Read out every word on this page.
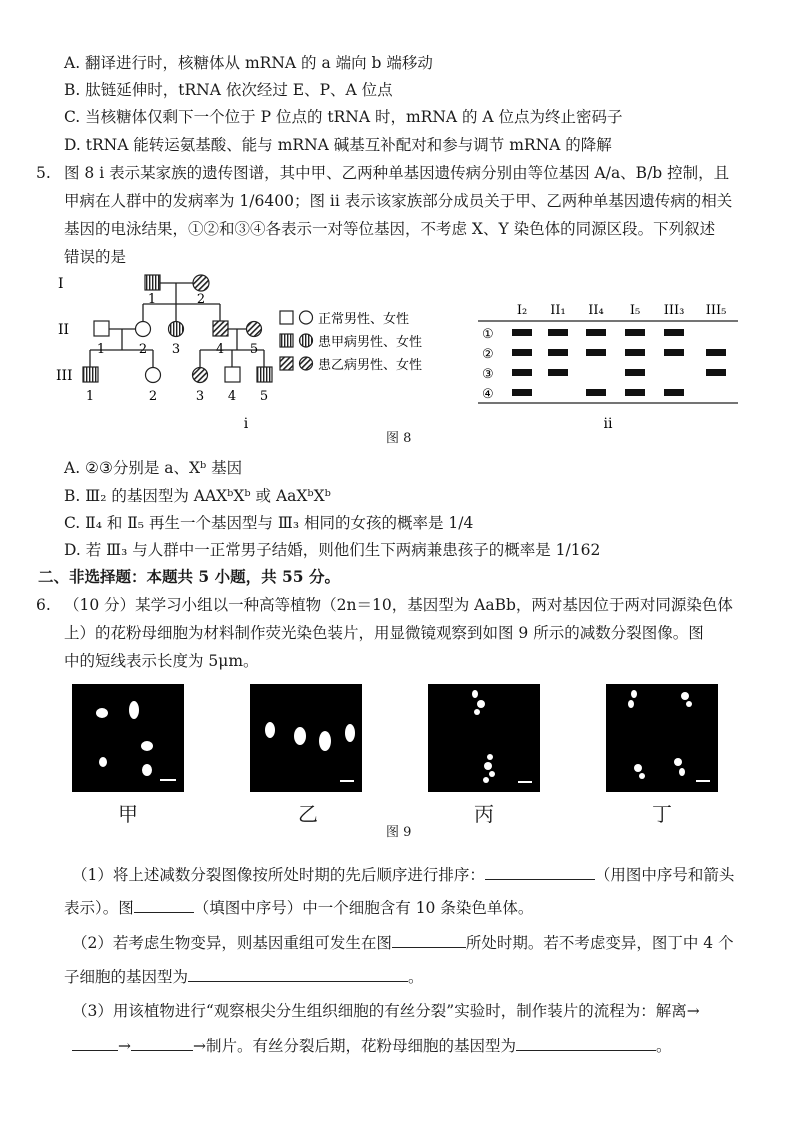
A. 翻译进行时，核糖体从 mRNA 的 a 端向 b 端移动
B. 肽链延伸时，tRNA 依次经过 E、P、A 位点
C. 当核糖体仅剩下一个位于 P 位点的 tRNA 时，mRNA 的 A 位点为终止密码子
D. tRNA 能转运氨基酸、能与 mRNA 碱基互补配对和参与调节 mRNA 的降解
5. 图 8 i 表示某家族的遗传图谱，其中甲、乙两种单基因遗传病分别由等位基因 A/a、B/b 控制，且
甲病在人群中的发病率为 1/6400；图 ii 表示该家族部分成员关于甲、乙两种单基因遗传病的相关
基因的电泳结果，①②和③④各表示一对等位基因，不考虑 X、Y 染色体的同源区段。下列叙述
错误的是
I
II
III
1	2
1	2 3	4 5
1	2	3 4 5
正常男性、女性
患甲病男性、女性
患乙病男性、女性
i
I₂ II₁ II₄ I₅ III₃ III₅
①
②
③
④
ii
图 8
A. ②③分别是 a、Xᵇ 基因
B. Ⅲ₂ 的基因型为 AAXᵇXᵇ 或 AaXᵇXᵇ
C. Ⅱ₄ 和 Ⅱ₅ 再生一个基因型与 Ⅲ₃ 相同的女孩的概率是 1/4
D. 若 Ⅲ₃ 与人群中一正常男子结婚，则他们生下两病兼患孩子的概率是 1/162
二、非选择题：本题共 5 小题，共 55 分。
6. （10 分）某学习小组以一种高等植物（2n＝10，基因型为 AaBb，两对基因位于两对同源染色体
上）的花粉母细胞为材料制作荧光染色装片，用显微镜观察到如图 9 所示的减数分裂图像。图
中的短线表示长度为 5μm。
甲	乙	丙	丁
图 9
（1）将上述减数分裂图像按所处时期的先后顺序进行排序：	（用图中序号和箭头
表示）。图	（填图中序号）中一个细胞含有 10 条染色单体。
（2）若考虑生物变异，则基因重组可发生在图	所处时期。若不考虑变异，图丁中 4 个
子细胞的基因型为	。
（3）用该植物进行“观察根尖分生组织细胞的有丝分裂”实验时，制作装片的流程为：解离→
→	→制片。有丝分裂后期，花粉母细胞的基因型为	。
